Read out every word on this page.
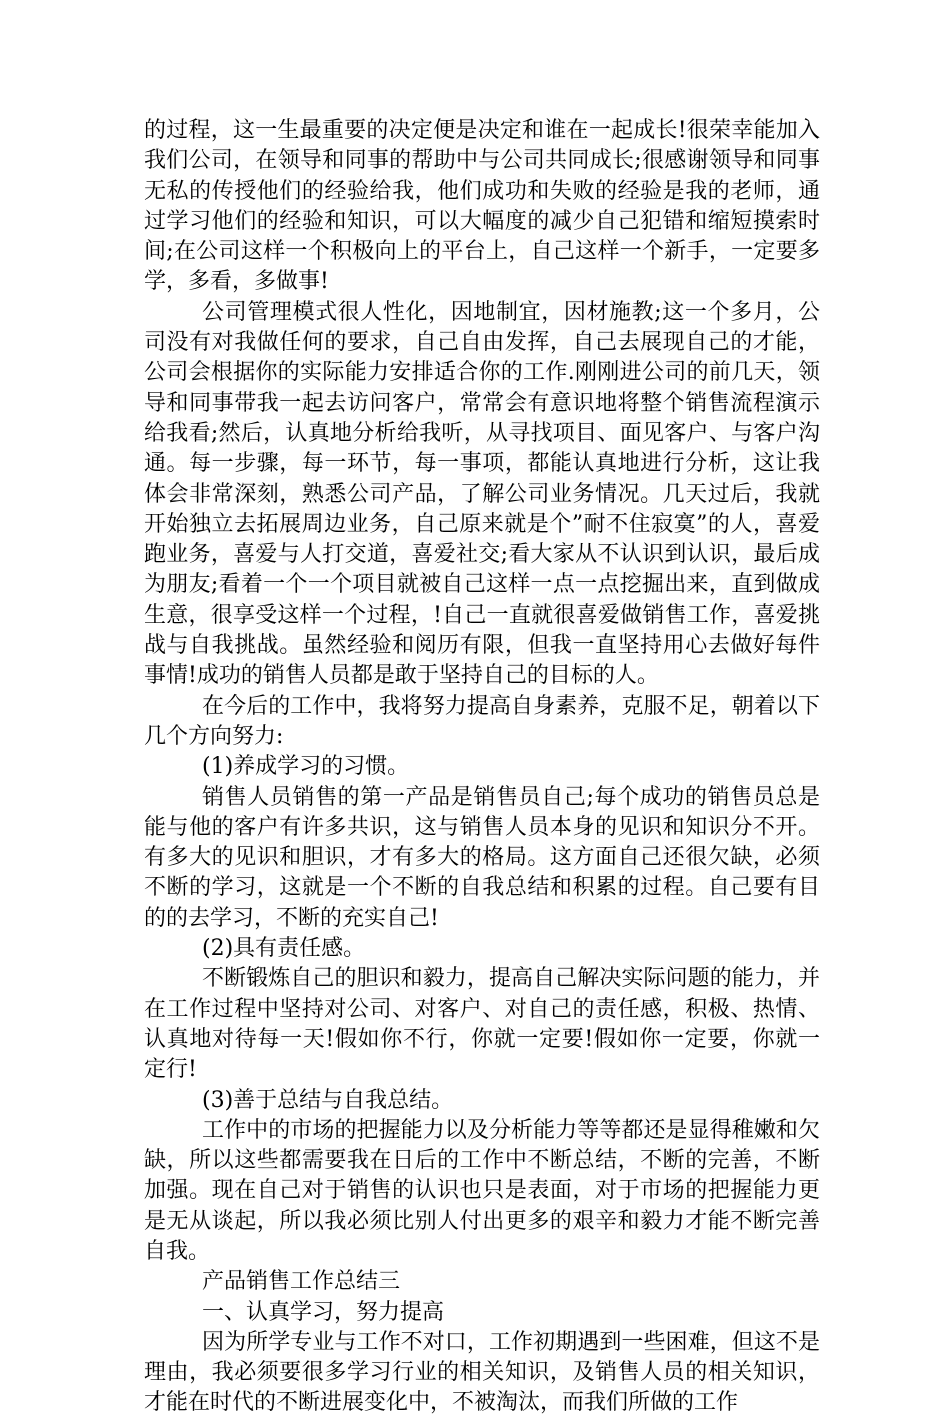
的过程，这一生最重要的决定便是决定和谁在一起成长!很荣幸能加入我们公司，在领导和同事的帮助中与公司共同成长;很感谢领导和同事无私的传授他们的经验给我，他们成功和失败的经验是我的老师，通过学习他们的经验和知识，可以大幅度的减少自己犯错和缩短摸索时间;在公司这样一个积极向上的平台上，自己这样一个新手，一定要多学，多看，多做事!

公司管理模式很人性化，因地制宜，因材施教;这一个多月，公司没有对我做任何的要求，自己自由发挥，自己去展现自己的才能，公司会根据你的实际能力安排适合你的工作.刚刚进公司的前几天，领导和同事带我一起去访问客户，常常会有意识地将整个销售流程演示给我看;然后，认真地分析给我听，从寻找项目、面见客户、与客户沟通。每一步骤，每一环节，每一事项，都能认真地进行分析，这让我体会非常深刻，熟悉公司产品，了解公司业务情况。几天过后，我就开始独立去拓展周边业务，自己原来就是个”耐不住寂寞”的人，喜爱跑业务，喜爱与人打交道，喜爱社交;看大家从不认识到认识，最后成为朋友;看着一个一个项目就被自己这样一点一点挖掘出来，直到做成生意，很享受这样一个过程，!自己一直就很喜爱做销售工作，喜爱挑战与自我挑战。虽然经验和阅历有限，但我一直坚持用心去做好每件事情!成功的销售人员都是敢于坚持自己的目标的人。

在今后的工作中，我将努力提高自身素养，克服不足，朝着以下几个方向努力:

(1)养成学习的习惯。

销售人员销售的第一产品是销售员自己;每个成功的销售员总是能与他的客户有许多共识，这与销售人员本身的见识和知识分不开。有多大的见识和胆识，才有多大的格局。这方面自己还很欠缺，必须不断的学习，这就是一个不断的自我总结和积累的过程。自己要有目的的去学习，不断的充实自己!

(2)具有责任感。

不断锻炼自己的胆识和毅力，提高自己解决实际问题的能力，并在工作过程中坚持对公司、对客户、对自己的责任感，积极、热情、认真地对待每一天!假如你不行，你就一定要!假如你一定要，你就一定行!

(3)善于总结与自我总结。

工作中的市场的把握能力以及分析能力等等都还是显得稚嫩和欠缺，所以这些都需要我在日后的工作中不断总结，不断的完善，不断加强。现在自己对于销售的认识也只是表面，对于市场的把握能力更是无从谈起，所以我必须比别人付出更多的艰辛和毅力才能不断完善自我。

产品销售工作总结三

一、认真学习，努力提高

因为所学专业与工作不对口，工作初期遇到一些困难，但这不是理由，我必须要很多学习行业的相关知识，及销售人员的相关知识，才能在时代的不断进展变化中，不被淘汰，而我们所做的工作
